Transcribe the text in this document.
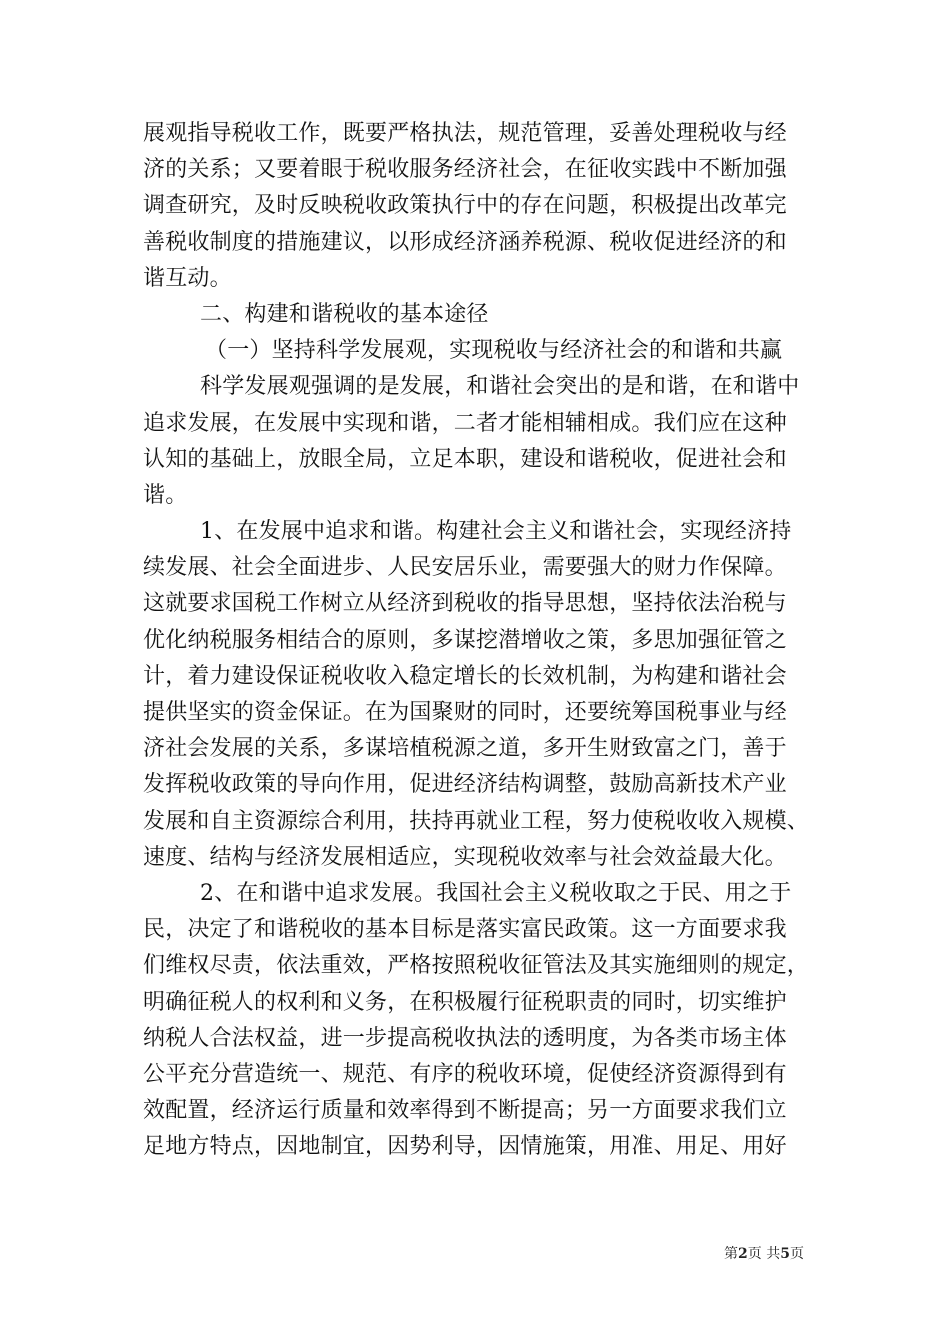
展观指导税收工作，既要严格执法，规范管理，妥善处理税收与经
济的关系；又要着眼于税收服务经济社会，在征收实践中不断加强
调查研究，及时反映税收政策执行中的存在问题，积极提出改革完
善税收制度的措施建议，以形成经济涵养税源、税收促进经济的和
谐互动。
二、构建和谐税收的基本途径
（一）坚持科学发展观，实现税收与经济社会的和谐和共赢
科学发展观强调的是发展，和谐社会突出的是和谐，在和谐中
追求发展，在发展中实现和谐，二者才能相辅相成。我们应在这种
认知的基础上，放眼全局，立足本职，建设和谐税收，促进社会和
谐。
1、在发展中追求和谐。构建社会主义和谐社会，实现经济持
续发展、社会全面进步、人民安居乐业，需要强大的财力作保障。
这就要求国税工作树立从经济到税收的指导思想，坚持依法治税与
优化纳税服务相结合的原则，多谋挖潜增收之策，多思加强征管之
计，着力建设保证税收收入稳定增长的长效机制，为构建和谐社会
提供坚实的资金保证。在为国聚财的同时，还要统筹国税事业与经
济社会发展的关系，多谋培植税源之道，多开生财致富之门，善于
发挥税收政策的导向作用，促进经济结构调整，鼓励高新技术产业
发展和自主资源综合利用，扶持再就业工程，努力使税收收入规模、
速度、结构与经济发展相适应，实现税收效率与社会效益最大化。
2、在和谐中追求发展。我国社会主义税收取之于民、用之于
民，决定了和谐税收的基本目标是落实富民政策。这一方面要求我
们维权尽责，依法重效，严格按照税收征管法及其实施细则的规定，
明确征税人的权利和义务，在积极履行征税职责的同时，切实维护
纳税人合法权益，进一步提高税收执法的透明度，为各类市场主体
公平充分营造统一、规范、有序的税收环境，促使经济资源得到有
效配置，经济运行质量和效率得到不断提高；另一方面要求我们立
足地方特点，因地制宜，因势利导，因情施策，用准、用足、用好
第2页 共5页
